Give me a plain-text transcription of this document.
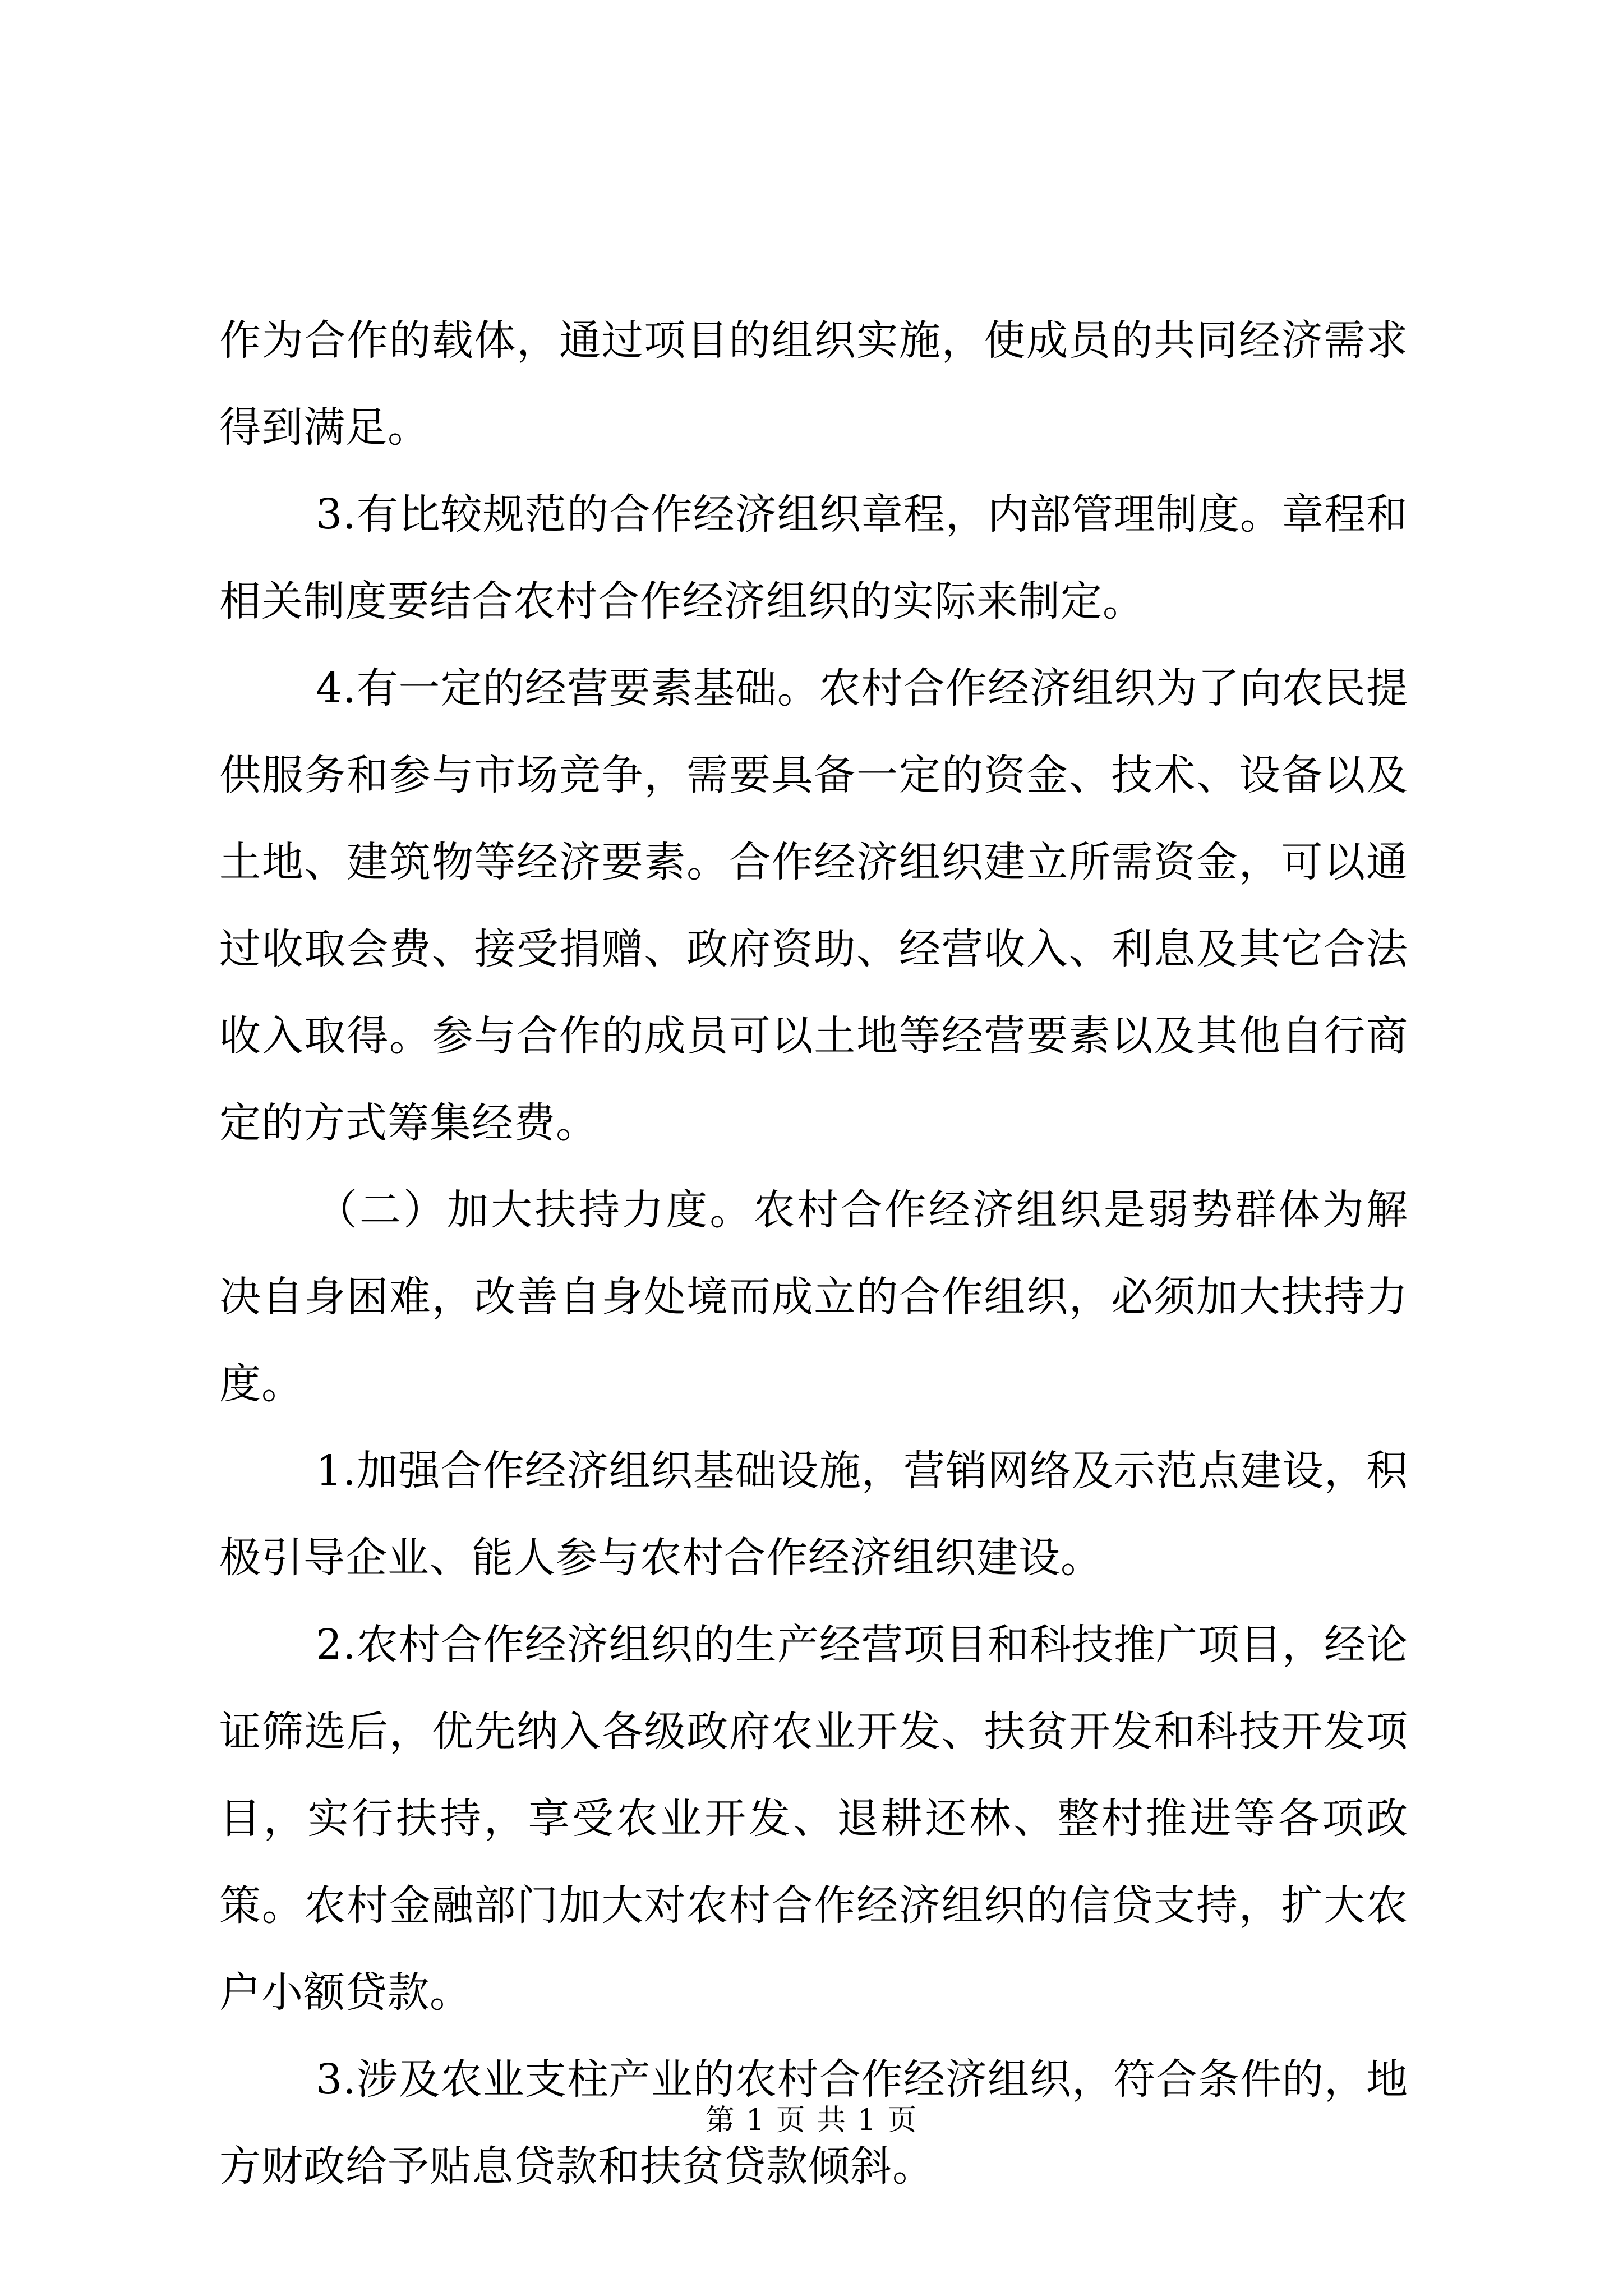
作为合作的载体，通过项目的组织实施，使成员的共同经济需求得到满足。

3.有比较规范的合作经济组织章程，内部管理制度。章程和相关制度要结合农村合作经济组织的实际来制定。

4.有一定的经营要素基础。农村合作经济组织为了向农民提供服务和参与市场竞争，需要具备一定的资金、技术、设备以及土地、建筑物等经济要素。合作经济组织建立所需资金，可以通过收取会费、接受捐赠、政府资助、经营收入、利息及其它合法收入取得。参与合作的成员可以土地等经营要素以及其他自行商定的方式筹集经费。

（二）加大扶持力度。农村合作经济组织是弱势群体为解决自身困难，改善自身处境而成立的合作组织，必须加大扶持力度。

1.加强合作经济组织基础设施，营销网络及示范点建设，积极引导企业、能人参与农村合作经济组织建设。

2.农村合作经济组织的生产经营项目和科技推广项目，经论证筛选后，优先纳入各级政府农业开发、扶贫开发和科技开发项目，实行扶持，享受农业开发、退耕还林、整村推进等各项政策。农村金融部门加大对农村合作经济组织的信贷支持，扩大农户小额贷款。

3.涉及农业支柱产业的农村合作经济组织，符合条件的，地方财政给予贴息贷款和扶贫贷款倾斜。

第 1 页 共 1 页
